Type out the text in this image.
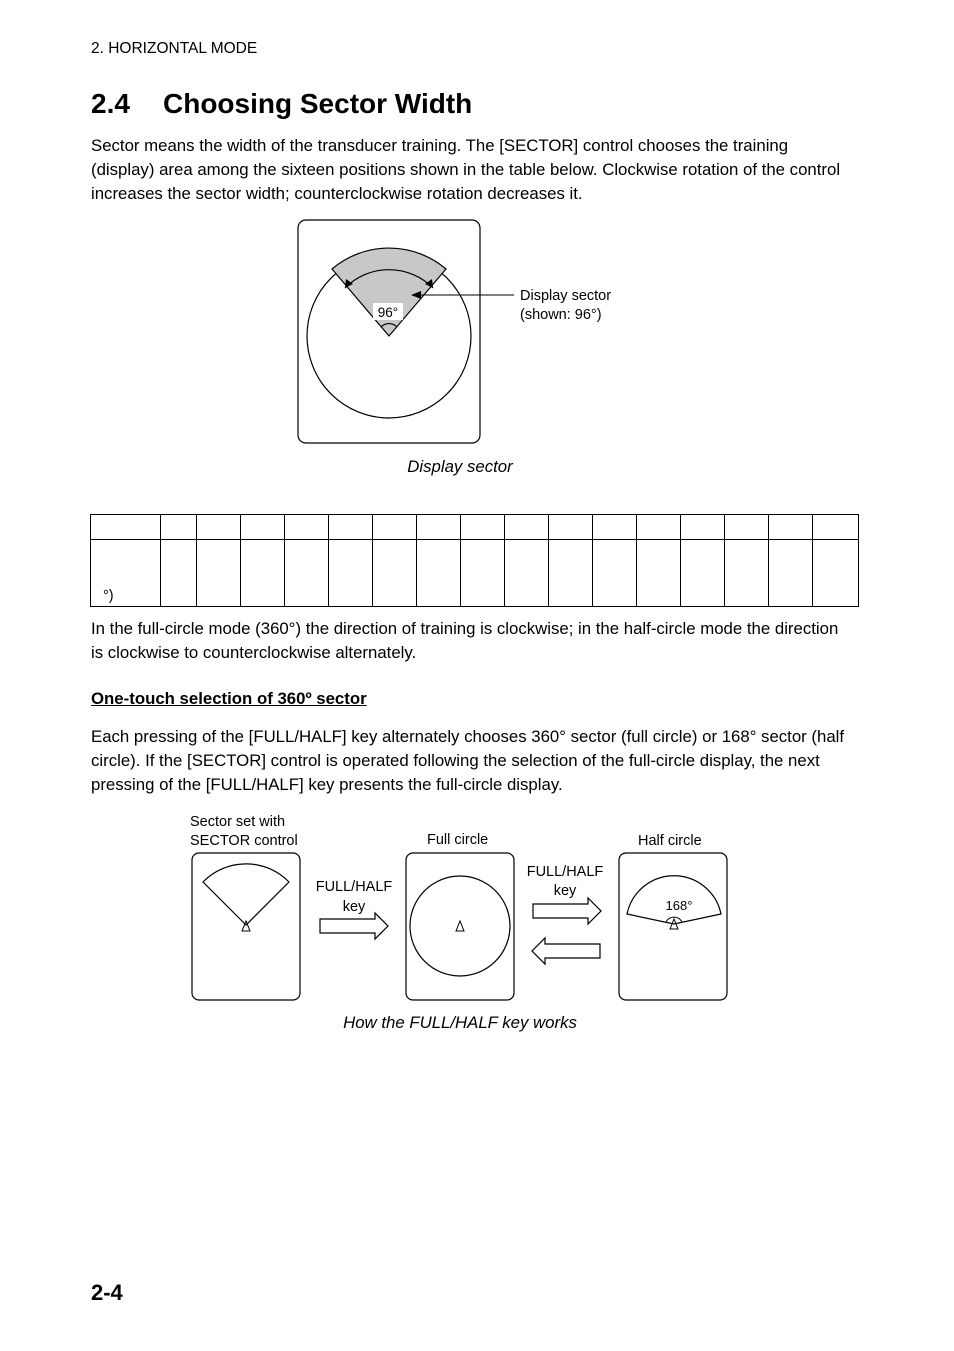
2. HORIZONTAL MODE
2.4 Choosing Sector Width

Sector means the width of the transducer training. The [SECTOR] control chooses the training (display) area among the sixteen positions shown in the table below. Clockwise rotation of the control increases the sector width; counterclockwise rotation decreases it.

96°
Display sector
(shown: 96°)
Display sector

°)																

In the full-circle mode (360°) the direction of training is clockwise; in the half-circle mode the direction is clockwise to counterclockwise alternately.

One-touch selection of 360º sector

Each pressing of the [FULL/HALF] key alternately chooses 360° sector (full circle) or 168° sector (half circle). If the [SECTOR] control is operated following the selection of the full-circle display, the next pressing of the [FULL/HALF] key presents the full-circle display.

Sector set with
SECTOR control	Full circle	Half circle
FULL/HALF
key
FULL/HALF
key
168°
How the FULL/HALF key works
2-4
